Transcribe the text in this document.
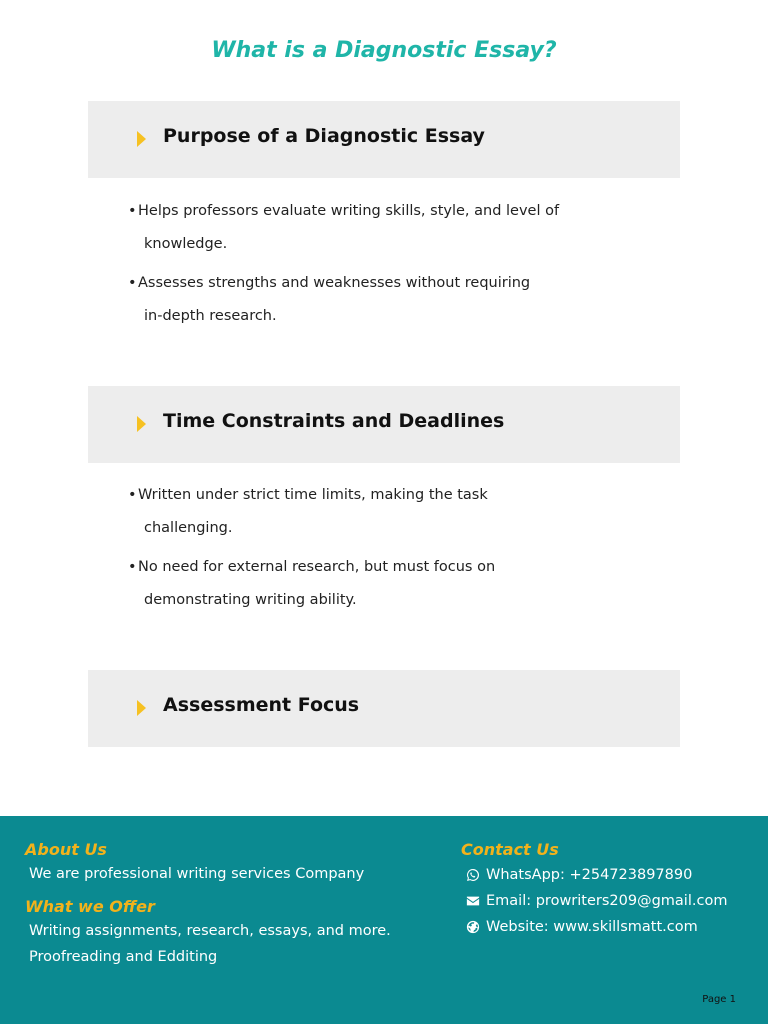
What is a Diagnostic Essay?
Purpose of a Diagnostic Essay
•Helps professors evaluate writing skills, style, and level of
knowledge.
•Assesses strengths and weaknesses without requiring
in-depth research.
Time Constraints and Deadlines
•Written under strict time limits, making the task
challenging.
•No need for external research, but must focus on
demonstrating writing ability.
Assessment Focus
About Us
We are professional writing services Company
What we Offer
Writing assignments, research, essays, and more.
Proofreading and Edditing
Contact Us
WhatsApp: +254723897890
Email: prowriters209@gmail.com
Website: www.skillsmatt.com
Page 1
